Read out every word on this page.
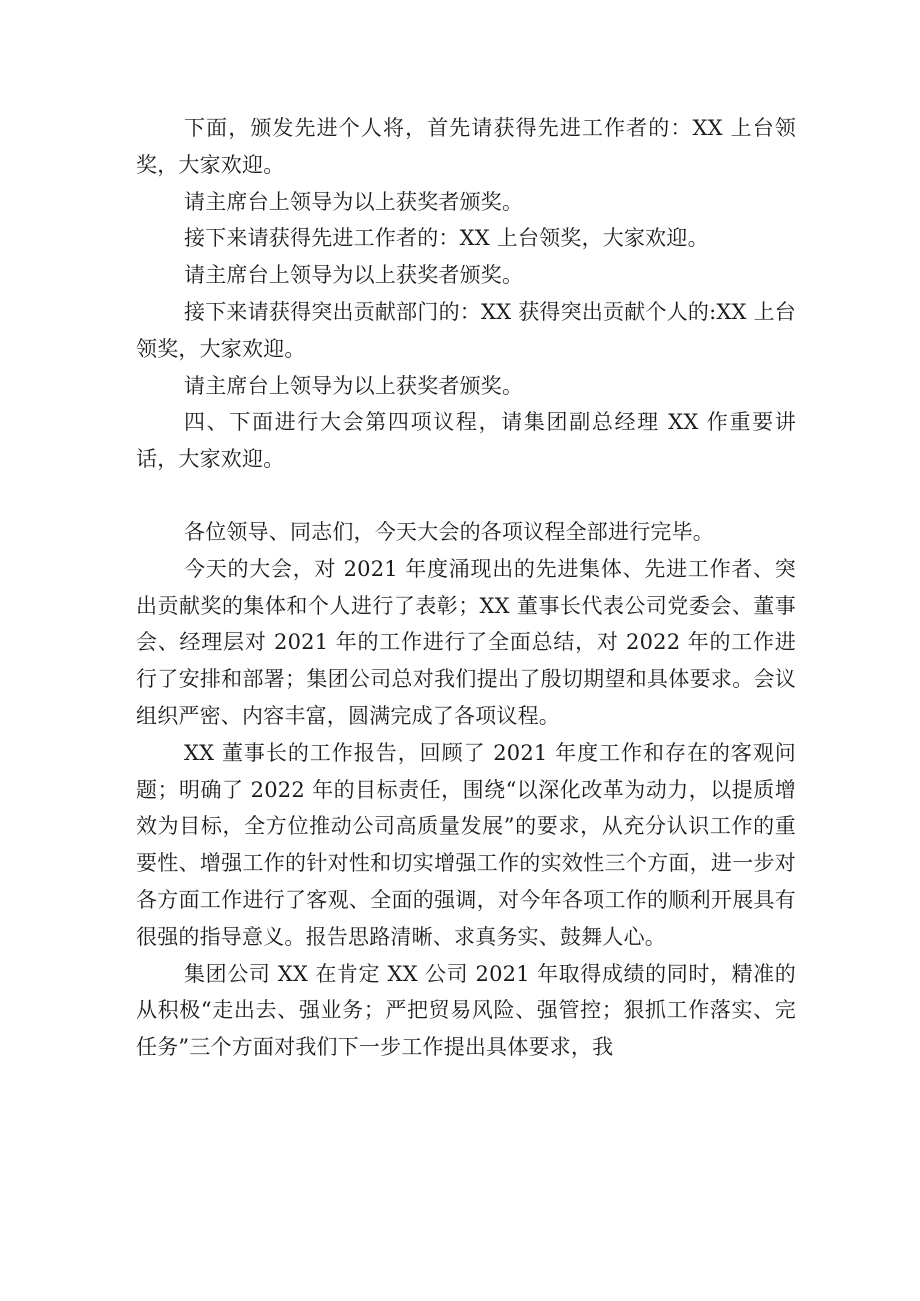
下面，颁发先进个人将，首先请获得先进工作者的：XX 上台领奖，大家欢迎。

请主席台上领导为以上获奖者颁奖。

接下来请获得先进工作者的：XX 上台领奖，大家欢迎。

请主席台上领导为以上获奖者颁奖。

接下来请获得突出贡献部门的：XX 获得突出贡献个人的:XX 上台领奖，大家欢迎。

请主席台上领导为以上获奖者颁奖。

四、下面进行大会第四项议程，请集团副总经理 XX 作重要讲话，大家欢迎。

各位领导、同志们，今天大会的各项议程全部进行完毕。

今天的大会，对 2021 年度涌现出的先进集体、先进工作者、突出贡献奖的集体和个人进行了表彰；XX 董事长代表公司党委会、董事会、经理层对 2021 年的工作进行了全面总结，对 2022 年的工作进行了安排和部署；集团公司总对我们提出了殷切期望和具体要求。会议组织严密、内容丰富，圆满完成了各项议程。

XX 董事长的工作报告，回顾了 2021 年度工作和存在的客观问题；明确了 2022 年的目标责任，围绕“以深化改革为动力，以提质增效为目标，全方位推动公司高质量发展”的要求，从充分认识工作的重要性、增强工作的针对性和切实增强工作的实效性三个方面，进一步对各方面工作进行了客观、全面的强调，对今年各项工作的顺利开展具有很强的指导意义。报告思路清晰、求真务实、鼓舞人心。

集团公司 XX 在肯定 XX 公司 2021 年取得成绩的同时，精准的从积极“走出去、强业务；严把贸易风险、强管控；狠抓工作落实、完任务”三个方面对我们下一步工作提出具体要求，我
